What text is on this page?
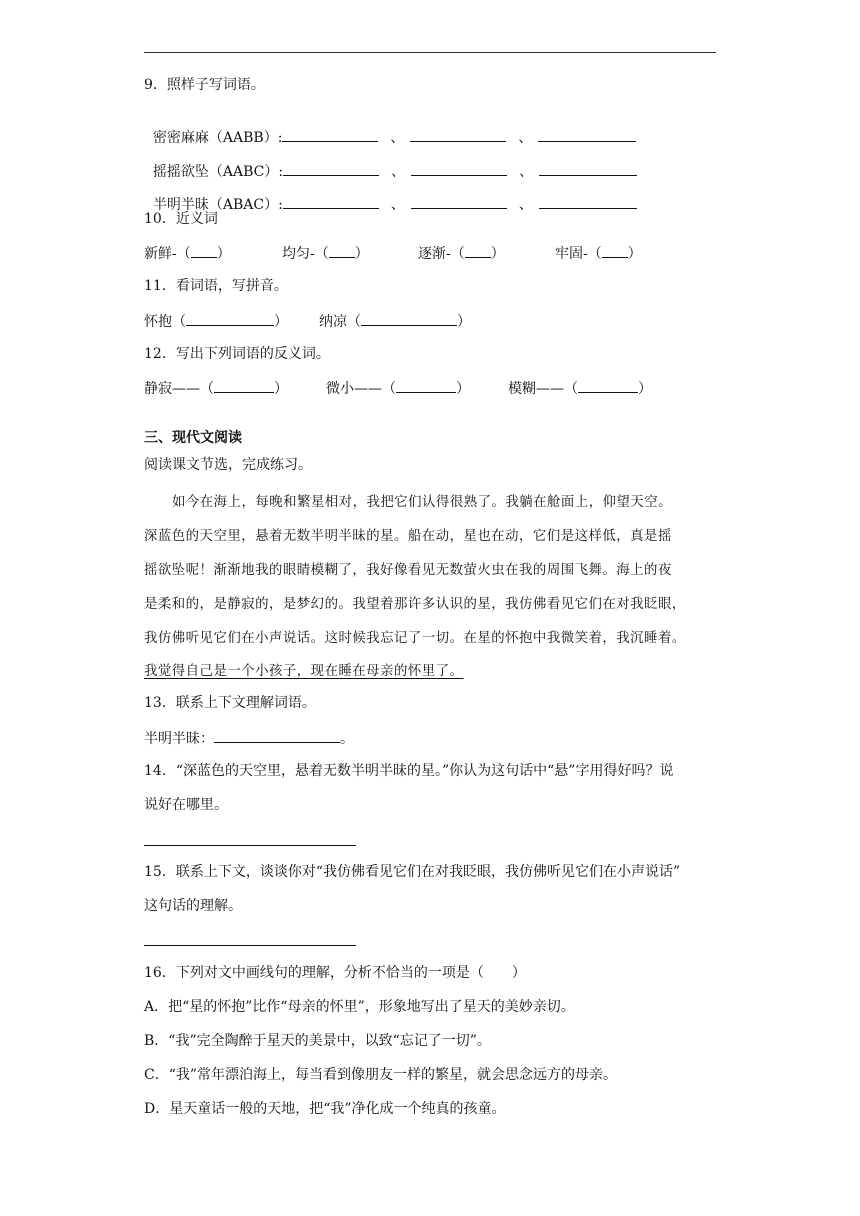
9．照样子写词语。

密密麻麻（AABB）:	、	、

摇摇欲坠（AABC）:	、	、

半明半昧（ABAC）:	、	、

10．近义词
新鲜-（ ）	均匀-（ ）	逐渐-（ ）	牢固-（ ）
11．看词语，写拼音。
怀抱（	） 纳凉（	）
12．写出下列词语的反义词。
静寂——（	）	微小——（	）	模糊——（	）
三、现代文阅读
阅读课文节选，完成练习。
如今在海上，每晚和繁星相对，我把它们认得很熟了。我躺在舱面上，仰望天空。
深蓝色的天空里，悬着无数半明半昧的星。船在动，星也在动，它们是这样低，真是摇
摇欲坠呢！渐渐地我的眼睛模糊了，我好像看见无数萤火虫在我的周围飞舞。海上的夜
是柔和的，是静寂的，是梦幻的。我望着那许多认识的星，我仿佛看见它们在对我眨眼，
我仿佛听见它们在小声说话。这时候我忘记了一切。在星的怀抱中我微笑着，我沉睡着。
我觉得自己是一个小孩子，现在睡在母亲的怀里了。
13．联系上下文理解词语。
半明半昧：	。
14．“深蓝色的天空里，悬着无数半明半昧的星。”你认为这句话中“悬”字用得好吗？说
说好在哪里。
15．联系上下文，谈谈你对“我仿佛看见它们在对我眨眼，我仿佛听见它们在小声说话”
这句话的理解。
16．下列对文中画线句的理解，分析不恰当的一项是（　　）
A．把“星的怀抱”比作“母亲的怀里”，形象地写出了星天的美妙亲切。
B．“我”完全陶醉于星天的美景中，以致“忘记了一切”。
C．“我”常年漂泊海上，每当看到像朋友一样的繁星，就会思念远方的母亲。
D．星天童话一般的天地，把“我”净化成一个纯真的孩童。
